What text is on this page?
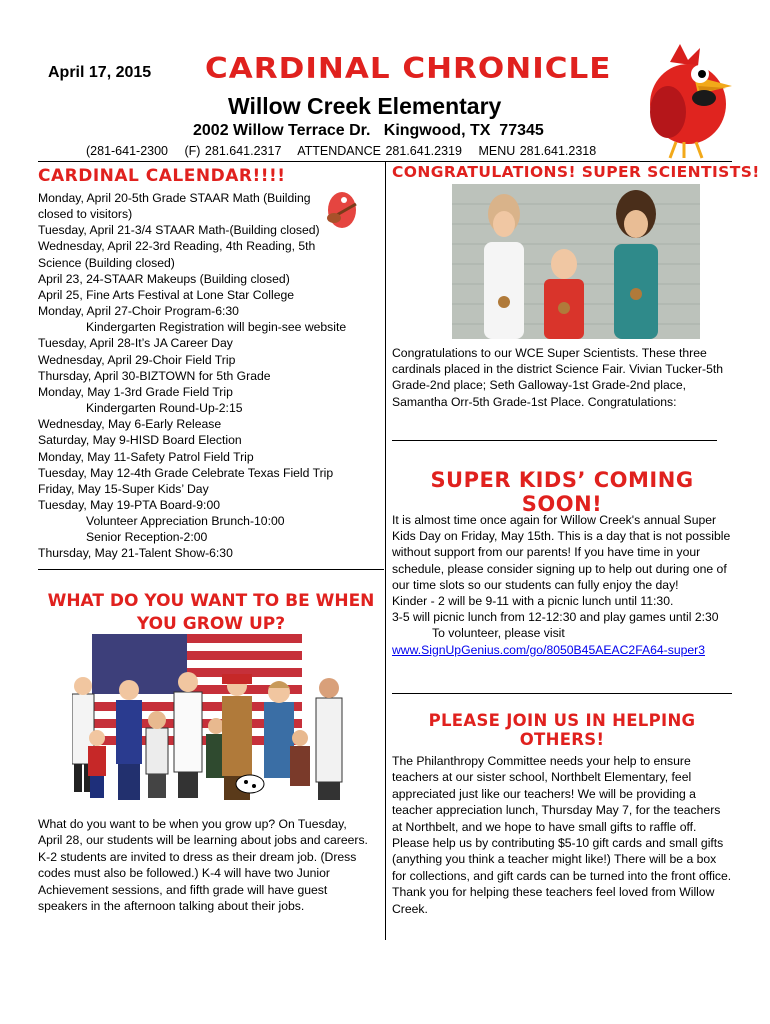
April 17, 2015 CARDINAL CHRONICLE
Willow Creek Elementary
2002 Willow Terrace Dr.   Kingwood, TX  77345
(281-641-2300 (F) 281.641.2317 ATTENDANCE 281.641.2319 MENU 281.641.2318
CARDINAL CALENDAR!!!!
Monday, April 20-5th Grade STAAR Math (Building
closed to visitors)
Tuesday, April 21-3/4 STAAR Math-(Building closed)
Wednesday, April 22-3rd Reading, 4th Reading, 5th
Science (Building closed)
April 23, 24-STAAR Makeups (Building closed)
April 25, Fine Arts Festival at Lone Star College
Monday, April 27-Choir Program-6:30
Kindergarten Registration will begin-see website
Tuesday, April 28-It’s JA Career Day
Wednesday, April 29-Choir Field Trip
Thursday, April 30-BIZTOWN for 5th Grade
Monday, May 1-3rd Grade Field Trip
Kindergarten Round-Up-2:15
Wednesday, May 6-Early Release
Saturday, May 9-HISD Board Election
Monday, May 11-Safety Patrol Field Trip
Tuesday, May 12-4th Grade Celebrate Texas Field Trip
Friday, May 15-Super Kids’ Day
Tuesday, May 19-PTA Board-9:00
Volunteer Appreciation Brunch-10:00
Senior Reception-2:00
Thursday, May 21-Talent Show-6:30
WHAT DO YOU WANT TO BE WHEN YOU GROW UP?
What do you want to be when you grow up? On Tuesday, April 28, our students will be learning about jobs and careers. K-2 students are invited to dress as their dream job. (Dress codes must also be followed.) K-4 will have two Junior Achievement sessions, and fifth grade will have guest speakers in the afternoon talking about their jobs.
CONGRATULATIONS! SUPER SCIENTISTS!
Congratulations to our WCE Super Scientists. These three cardinals placed in the district Science Fair. Vivian Tucker-5th Grade-2nd place; Seth Galloway-1st Grade-2nd place, Samantha Orr-5th Grade-1st Place. Congratulations:
SUPER KIDS’ COMING SOON!
It is almost time once again for Willow Creek's annual Super Kids Day on Friday, May 15th. This is a day that is not possible without support from our parents! If you have time in your schedule, please consider signing up to help out during one of our time slots so our students can fully enjoy the day!
Kinder - 2 will be 9-11 with a picnic lunch until 11:30.
3-5 will picnic lunch from 12-12:30 and play games until 2:30To volunteer, please visit
www.SignUpGenius.com/go/8050B45AEAC2FA64-super3
PLEASE JOIN US IN HELPING OTHERS!
The Philanthropy Committee needs your help to ensure teachers at our sister school, Northbelt Elementary, feel appreciated just like our teachers! We will be providing a teacher appreciation lunch, Thursday May 7, for the teachers at Northbelt, and we hope to have small gifts to raffle off. Please help us by contributing $5-10 gift cards and small gifts (anything you think a teacher might like!) There will be a box for collections, and gift cards can be turned into the front office. Thank you for helping these teachers feel loved from Willow Creek.
